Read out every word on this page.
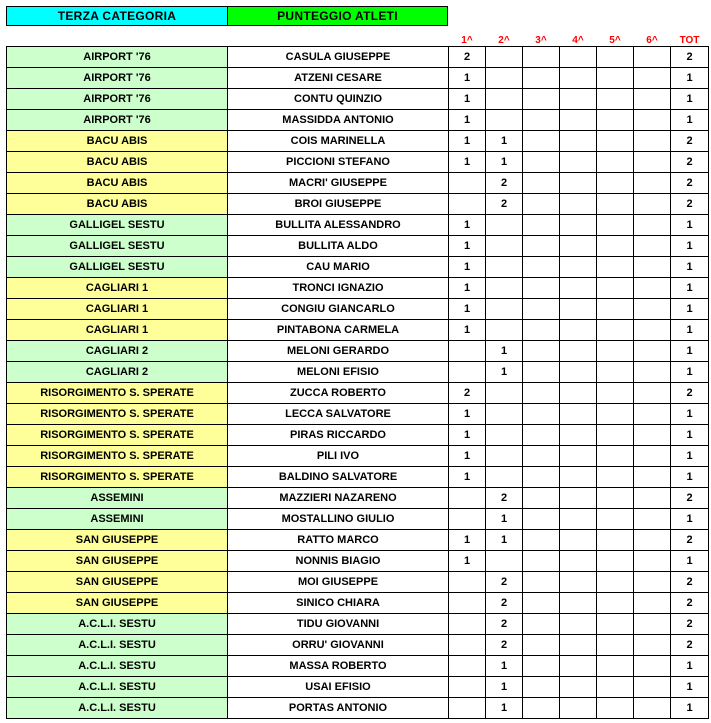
TERZA CATEGORIA	PUNTEGGIO ATLETI
		1^	2^	3^	4^	5^	6^	TOT
AIRPORT '76	CASULA GIUSEPPE	2						2
AIRPORT '76	ATZENI CESARE	1						1
AIRPORT '76	CONTU QUINZIO	1						1
AIRPORT '76	MASSIDDA ANTONIO	1						1
BACU ABIS	COIS MARINELLA	1	1					2
BACU ABIS	PICCIONI STEFANO	1	1					2
BACU ABIS	MACRI' GIUSEPPE		2					2
BACU ABIS	BROI GIUSEPPE		2					2
GALLIGEL SESTU	BULLITA ALESSANDRO	1						1
GALLIGEL SESTU	BULLITA ALDO	1						1
GALLIGEL SESTU	CAU MARIO	1						1
CAGLIARI 1	TRONCI IGNAZIO	1						1
CAGLIARI 1	CONGIU GIANCARLO	1						1
CAGLIARI 1	PINTABONA CARMELA	1						1
CAGLIARI 2	MELONI GERARDO		1					1
CAGLIARI 2	MELONI EFISIO		1					1
RISORGIMENTO S. SPERATE	ZUCCA ROBERTO	2						2
RISORGIMENTO S. SPERATE	LECCA SALVATORE	1						1
RISORGIMENTO S. SPERATE	PIRAS RICCARDO	1						1
RISORGIMENTO S. SPERATE	PILI IVO	1						1
RISORGIMENTO S. SPERATE	BALDINO SALVATORE	1						1
ASSEMINI	MAZZIERI NAZARENO		2					2
ASSEMINI	MOSTALLINO GIULIO		1					1
SAN GIUSEPPE	RATTO MARCO	1	1					2
SAN GIUSEPPE	NONNIS BIAGIO	1						1
SAN GIUSEPPE	MOI GIUSEPPE		2					2
SAN GIUSEPPE	SINICO CHIARA		2					2
A.C.L.I. SESTU	TIDU GIOVANNI		2					2
A.C.L.I. SESTU	ORRU' GIOVANNI		2					2
A.C.L.I. SESTU	MASSA ROBERTO		1					1
A.C.L.I. SESTU	USAI EFISIO		1					1
A.C.L.I. SESTU	PORTAS ANTONIO		1					1
